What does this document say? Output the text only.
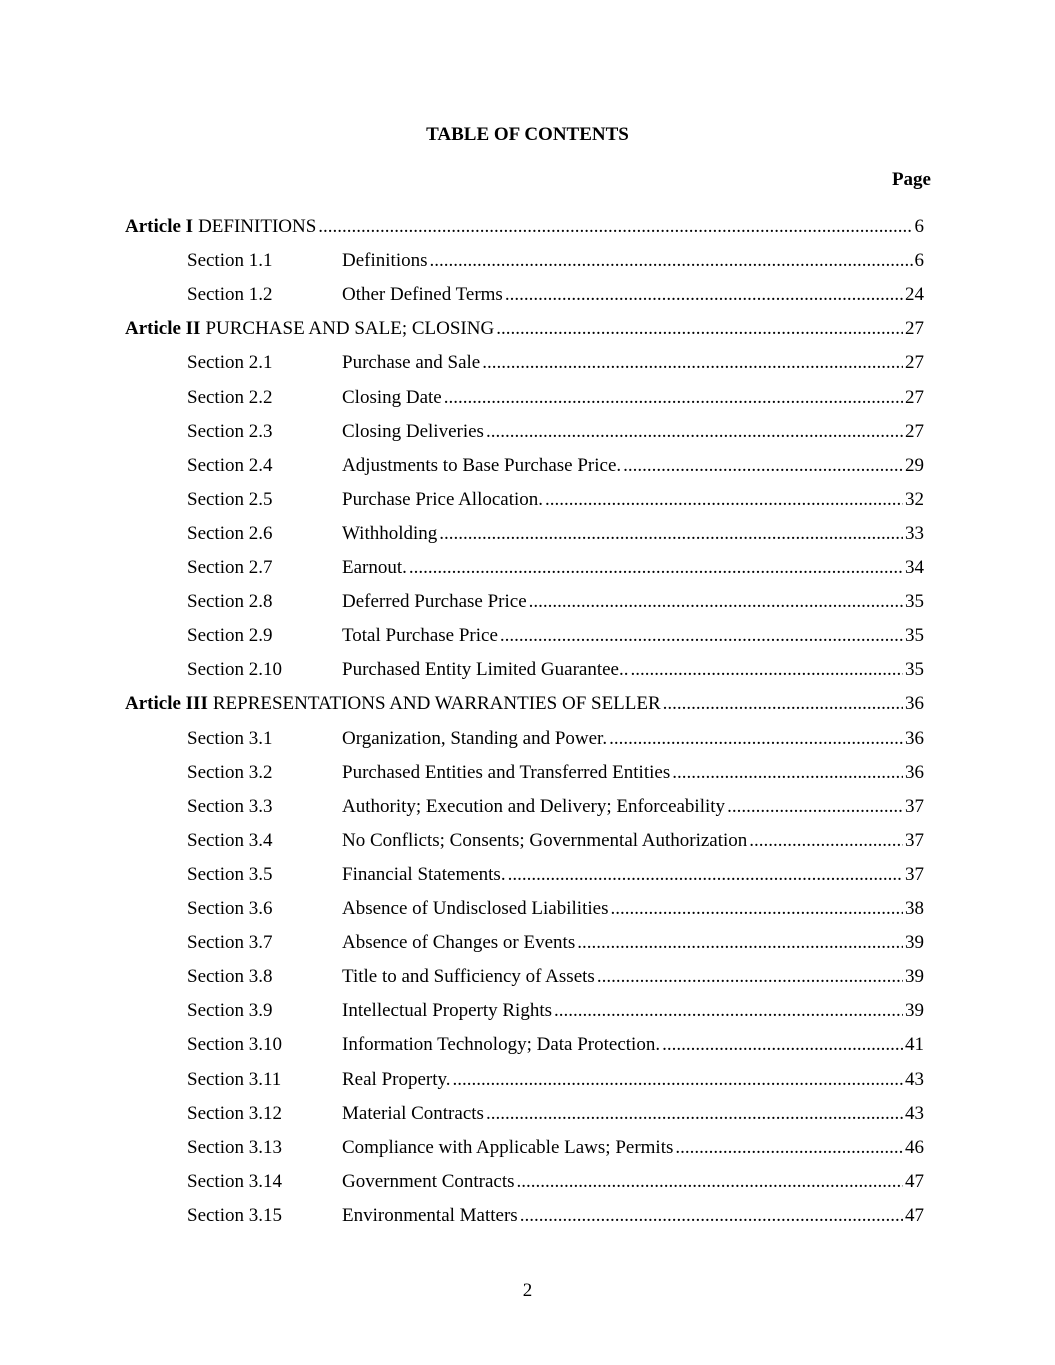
TABLE OF CONTENTS
Page
Article I DEFINITIONS .....	6
Section 1.1	Definitions .....	6
Section 1.2	Other Defined Terms .....	24
Article II PURCHASE AND SALE; CLOSING .....	27
Section 2.1	Purchase and Sale .....	27
Section 2.2	Closing Date .....	27
Section 2.3	Closing Deliveries .....	27
Section 2.4	Adjustments to Base Purchase Price. .....	29
Section 2.5	Purchase Price Allocation. .....	32
Section 2.6	Withholding .....	33
Section 2.7	Earnout. .....	34
Section 2.8	Deferred Purchase Price .....	35
Section 2.9	Total Purchase Price .....	35
Section 2.10	Purchased Entity Limited Guarantee.. .....	35
Article III REPRESENTATIONS AND WARRANTIES OF SELLER .....	36
Section 3.1	Organization, Standing and Power. .....	36
Section 3.2	Purchased Entities and Transferred Entities .....	36
Section 3.3	Authority; Execution and Delivery; Enforceability .....	37
Section 3.4	No Conflicts; Consents; Governmental Authorization .....	37
Section 3.5	Financial Statements. .....	37
Section 3.6	Absence of Undisclosed Liabilities .....	38
Section 3.7	Absence of Changes or Events .....	39
Section 3.8	Title to and Sufficiency of Assets .....	39
Section 3.9	Intellectual Property Rights .....	39
Section 3.10	Information Technology; Data Protection. .....	41
Section 3.11	Real Property. .....	43
Section 3.12	Material Contracts .....	43
Section 3.13	Compliance with Applicable Laws; Permits .....	46
Section 3.14	Government Contracts .....	47
Section 3.15	Environmental Matters .....	47
2
